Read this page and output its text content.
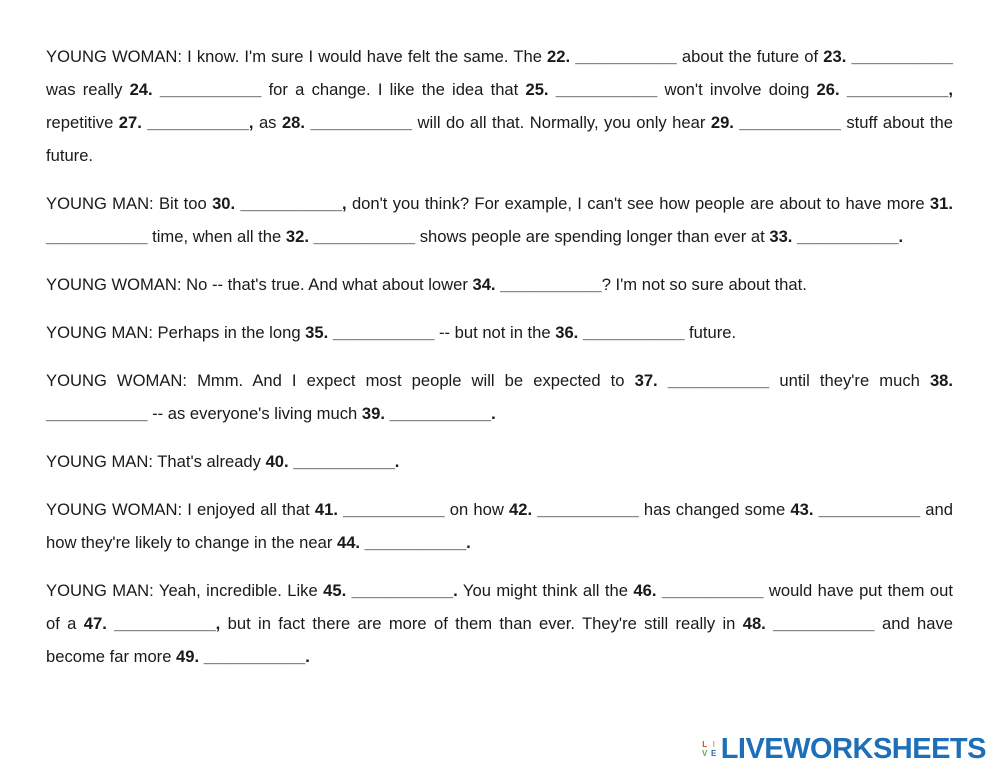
YOUNG WOMAN: I know. I'm sure I would have felt the same. The 22. ___________ about the future of 23. ___________ was really 24. ___________ for a change. I like the idea that 25. ___________ won't involve doing 26. ___________, repetitive 27. ___________, as 28. ___________ will do all that. Normally, you only hear 29. ___________ stuff about the future.

YOUNG MAN: Bit too 30. ___________, don't you think? For example, I can't see how people are about to have more 31. ___________ time, when all the 32. ___________ shows people are spending longer than ever at 33. ___________.

YOUNG WOMAN: No -- that's true. And what about lower 34. ___________? I'm not so sure about that.

YOUNG MAN: Perhaps in the long 35. ___________ -- but not in the 36. ___________ future.

YOUNG WOMAN: Mmm. And I expect most people will be expected to 37. ___________ until they're much 38. ___________ -- as everyone's living much 39. ___________.

YOUNG MAN: That's already 40. ___________.

YOUNG WOMAN: I enjoyed all that 41. ___________ on how 42. ___________ has changed some 43. ___________ and how they're likely to change in the near 44. ___________.

YOUNG MAN: Yeah, incredible. Like 45. ___________. You might think all the 46. ___________ would have put them out of a 47. ___________, but in fact there are more of them than ever. They're still really in 48. ___________ and have become far more 49. ___________.

L I
V E LIVEWORKSHEETS
